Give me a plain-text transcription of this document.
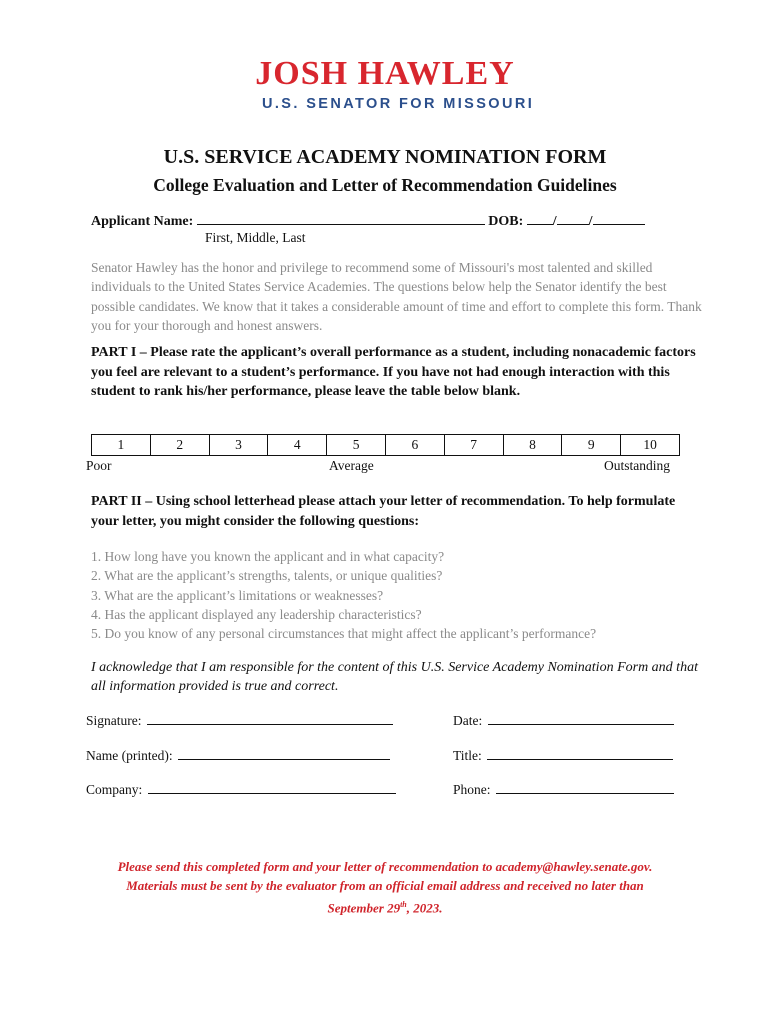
JOSH HAWLEY
U.S. SENATOR FOR MISSOURI
U.S. SERVICE ACADEMY NOMINATION FORM
College Evaluation and Letter of Recommendation Guidelines
Applicant Name:	DOB: / /
First, Middle, Last
Senator Hawley has the honor and privilege to recommend some of Missouri's most talented and skilled individuals to the United States Service Academies. The questions below help the Senator identify the best possible candidates. We know that it takes a considerable amount of time and effort to complete this form. Thank you for your thorough and honest answers.
PART I – Please rate the applicant’s overall performance as a student, including nonacademic factors you feel are relevant to a student’s performance. If you have not had enough interaction with this student to rank his/her performance, please leave the table below blank.
1	2	3	4	5	6	7	8	9	10
Poor	Average	Outstanding
PART II – Using school letterhead please attach your letter of recommendation. To help formulate your letter, you might consider the following questions:
1. How long have you known the applicant and in what capacity?
2. What are the applicant’s strengths, talents, or unique qualities?
3. What are the applicant’s limitations or weaknesses?
4. Has the applicant displayed any leadership characteristics?
5. Do you know of any personal circumstances that might affect the applicant’s performance?
I acknowledge that I am responsible for the content of this U.S. Service Academy Nomination Form and that all information provided is true and correct.
Signature:	Date:
Name (printed):	Title:
Company:	Phone:
Please send this completed form and your letter of recommendation to academy@hawley.senate.gov.
Materials must be sent by the evaluator from an official email address and received no later than
September 29th, 2023.
